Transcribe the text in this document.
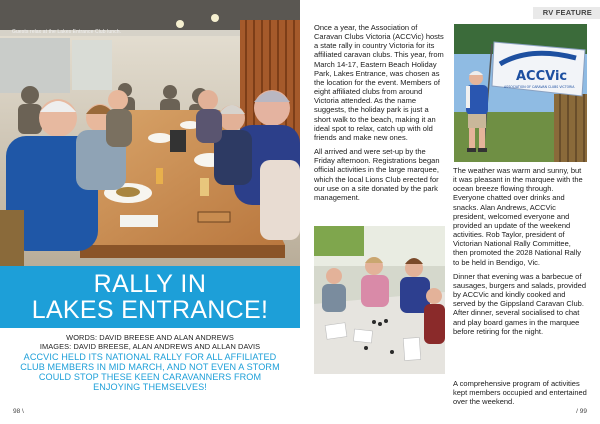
Guests relax at the Lakes Entrance Club lunch.
RALLY IN
LAKES ENTRANCE!
WORDS: DAVID BREESE AND ALAN ANDREWS
IMAGES: DAVID BREESE, ALAN ANDREWS AND ALLAN DAVIS
ACCVIC HELD ITS NATIONAL RALLY FOR ALL AFFILIATED CLUB MEMBERS IN MID MARCH, AND NOT EVEN A STORM COULD STOP THESE KEEN CARAVANNERS FROM ENJOYING THEMSELVES!
98 \
RV FEATURE

Once a year, the Association of Caravan Clubs Victoria (ACCVic) hosts a state rally in country Victoria for its affiliated caravan clubs. This year, from March 14-17, Eastern Beach Holiday Park, Lakes Entrance, was chosen as the location for the event. Members of eight affiliated clubs from around Victoria attended. As the name suggests, the holiday park is just a short walk to the beach, making it an ideal spot to relax, catch up with old friends and make new ones.

All arrived and were set-up by the Friday afternoon. Registrations began official activities in the large marquee, which the local Lions Club erected for our use on a site donated by the park management.

ACCVic
ASSOCIATION OF CARAVAN CLUBS VICTORIA

The weather was warm and sunny, but it was pleasant in the marquee with the ocean breeze flowing through. Everyone chatted over drinks and snacks. Alan Andrews, ACCVic president, welcomed everyone and provided an update of the weekend activities. Rob Taylor, president of Victorian National Rally Committee, then promoted the 2028 National Rally to be held in Bendigo, Vic.

Dinner that evening was a barbecue of sausages, burgers and salads, provided by ACCVic and kindly cooked and served by the Gippsland Caravan Club. After dinner, several socialised to chat and play board games in the marquee before retiring for the night.

A comprehensive program of activities kept members occupied and entertained over the weekend.

/ 99
